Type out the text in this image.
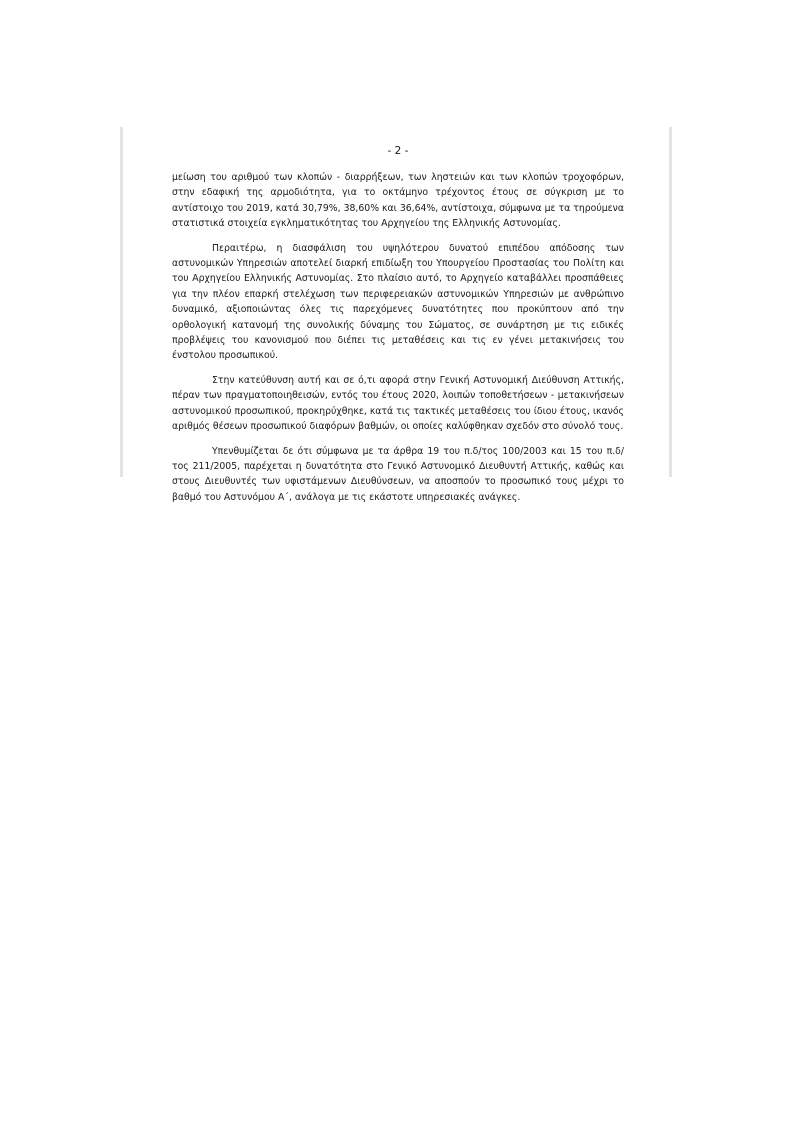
- 2 -

μείωση του αριθμού των κλοπών - διαρρήξεων, των ληστειών και των κλοπών τροχοφόρων, στην εδαφική της αρμοδιότητα, για το οκτάμηνο τρέχοντος έτους σε σύγκριση με το αντίστοιχο του 2019, κατά 30,79%, 38,60% και 36,64%, αντίστοιχα, σύμφωνα με τα τηρούμενα στατιστικά στοιχεία εγκληματικότητας του Αρχηγείου της Ελληνικής Αστυνομίας.

Περαιτέρω, η διασφάλιση του υψηλότερου δυνατού επιπέδου απόδοσης των αστυνομικών Υπηρεσιών αποτελεί διαρκή επιδίωξη του Υπουργείου Προστασίας του Πολίτη και του Αρχηγείου Ελληνικής Αστυνομίας. Στο πλαίσιο αυτό, το Αρχηγείο καταβάλλει προσπάθειες για την πλέον επαρκή στελέχωση των περιφερειακών αστυνομικών Υπηρεσιών με ανθρώπινο δυναμικό, αξιοποιώντας όλες τις παρεχόμενες δυνατότητες που προκύπτουν από την ορθολογική κατανομή της συνολικής δύναμης του Σώματος, σε συνάρτηση με τις ειδικές προβλέψεις του κανονισμού που διέπει τις μεταθέσεις και τις εν γένει μετακινήσεις του ένστολου προσωπικού.

Στην κατεύθυνση αυτή και σε ό,τι αφορά στην Γενική Αστυνομική Διεύθυνση Αττικής, πέραν των πραγματοποιηθεισών, εντός του έτους 2020, λοιπών τοποθετήσεων - μετακινήσεων αστυνομικού προσωπικού, προκηρύχθηκε, κατά τις τακτικές μεταθέσεις του ίδιου έτους, ικανός αριθμός θέσεων προσωπικού διαφόρων βαθμών, οι οποίες καλύφθηκαν σχεδόν στο σύνολό τους.

Υπενθυμίζεται δε ότι σύμφωνα με τα άρθρα 19 του π.δ/τος 100/2003 και 15 του π.δ/τος 211/2005, παρέχεται η δυνατότητα στο Γενικό Αστυνομικό Διευθυντή Αττικής, καθώς και στους Διευθυντές των υφιστάμενων Διευθύνσεων, να αποσπούν το προσωπικό τους μέχρι το βαθμό του Αστυνόμου Α΄, ανάλογα με τις εκάστοτε υπηρεσιακές ανάγκες.
